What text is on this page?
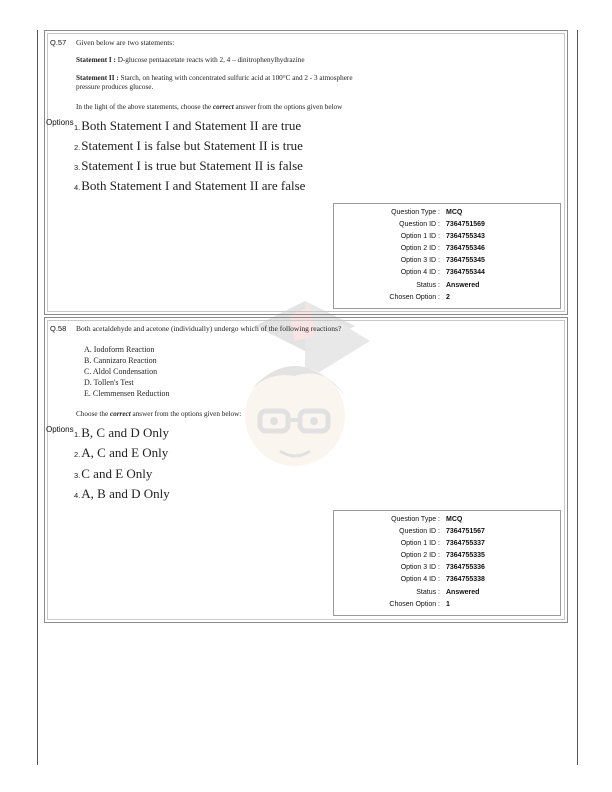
Q.57 Given below are two statements:
Statement I : D-glucose pentaacetate reacts with 2, 4 – dinitrophenylhydrazine
Statement II : Starch, on heating with concentrated sulfuric acid at 100°C and 2 - 3 atmosphere
pressure produces glucose.
In the light of the above statements, choose the correct answer from the options given below
Options
1.Both Statement I and Statement II are true
2.Statement I is false but Statement II is true
3.Statement I is true but Statement II is false
4.Both Statement I and Statement II are false
Question Type : MCQ
Question ID : 7364751569
Option 1 ID : 7364755343
Option 2 ID : 7364755346
Option 3 ID : 7364755345
Option 4 ID : 7364755344
Status : Answered
Chosen Option : 2
Q.58 Both acetaldehyde and acetone (individually) undergo which of the following reactions?
A. Iodoform Reaction
B. Cannizaro Reaction
C. Aldol Condensation
D. Tollen's Test
E. Clemmensen Reduction
Choose the correct answer from the options given below:
Options
1.B, C and D Only
2.A, C and E Only
3.C and E Only
4.A, B and D Only
Question Type : MCQ
Question ID : 7364751567
Option 1 ID : 7364755337
Option 2 ID : 7364755335
Option 3 ID : 7364755336
Option 4 ID : 7364755338
Status : Answered
Chosen Option : 1
